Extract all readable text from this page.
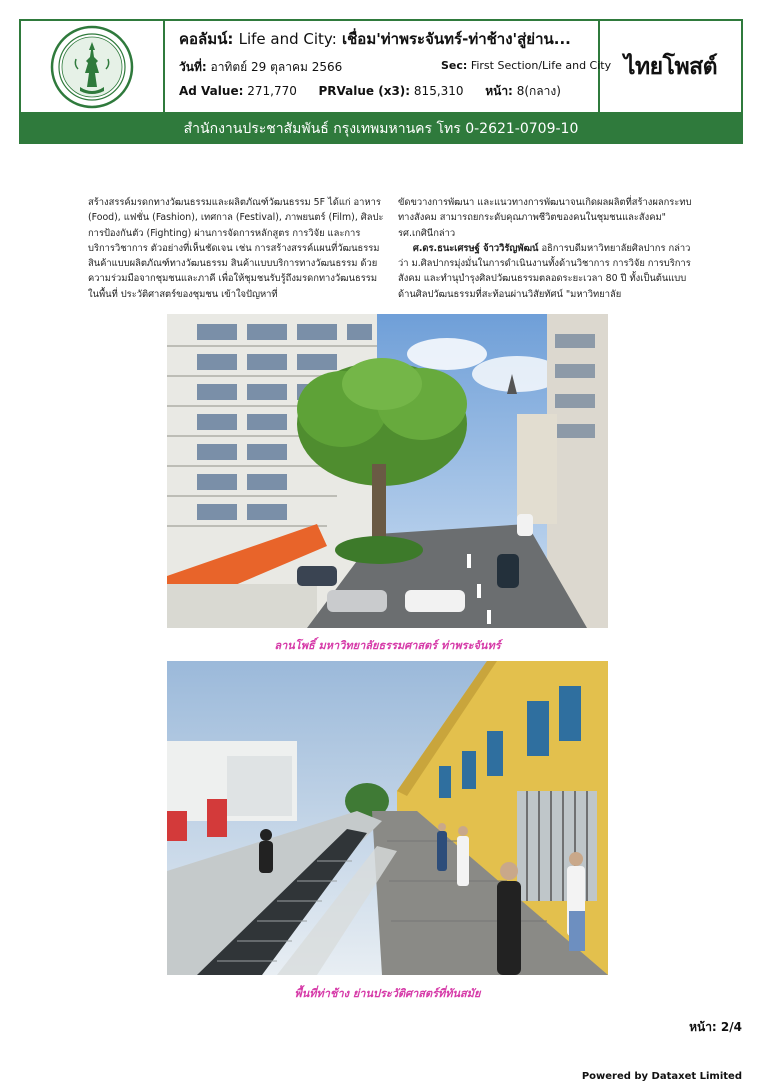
คอลัมน์: Life and City: เชื่อม'ท่าพระจันทร์-ท่าช้าง'สู่ย่าน...
วันที่: อาทิตย์ 29 ตุลาคม 2566	Sec: First Section/Life and City
Ad Value: 271,770 PRValue (x3): 815,310 หน้า: 8(กลาง)
ไทยโพสต์
สำนักงานประชาสัมพันธ์ กรุงเทพมหานคร โทร 0-2621-0709-10

สร้างสรรค์มรดกทางวัฒนธรรมและผลิตภัณฑ์วัฒนธรรม 5F ได้แก่ อาหาร (Food), แฟชั่น (Fashion), เทศกาล (Festival), ภาพยนตร์ (Film), ศิลปะการป้องกันตัว (Fighting) ผ่านการจัดการหลักสูตร การวิจัย และการบริการวิชาการ ตัวอย่างที่เห็นชัดเจน เช่น การสร้างสรรค์แผนที่วัฒนธรรม สินค้าแบบผลิตภัณฑ์ทางวัฒนธรรม สินค้าแบบบริการทางวัฒนธรรม ด้วยความร่วมมือจากชุมชนและภาคี เพื่อให้ชุมชนรับรู้ถึงมรดกทางวัฒนธรรมในพื้นที่ ประวัติศาสตร์ของชุมชน เข้าใจปัญหาที่

ขัดขวางการพัฒนา และแนวทางการพัฒนาจนเกิดผลผลิตที่สร้างผลกระทบทางสังคม สามารถยกระดับคุณภาพชีวิตของคนในชุมชนและสังคม" รศ.เกศินีกล่าว

ศ.ดร.ธนะเศรษฐ์ จ้าววิรัญพัฒน์ อธิการบดีมหาวิทยาลัยศิลปากร กล่าวว่า ม.ศิลปากรมุ่งมั่นในการดำเนินงานทั้งด้านวิชาการ การวิจัย การบริการสังคม และทำนุบำรุงศิลปวัฒนธรรมตลอดระยะเวลา 80 ปี ทั้งเป็นต้นแบบด้านศิลปวัฒนธรรมที่สะท้อนผ่านวิสัยทัศน์ "มหาวิทยาลัย

ลานโพธิ์ มหาวิทยาลัยธรรมศาสตร์ ท่าพระจันทร์
พื้นที่ท่าช้าง ย่านประวัติศาสตร์ที่ทันสมัย
หน้า: 2/4
Powered by Dataxet Limited
